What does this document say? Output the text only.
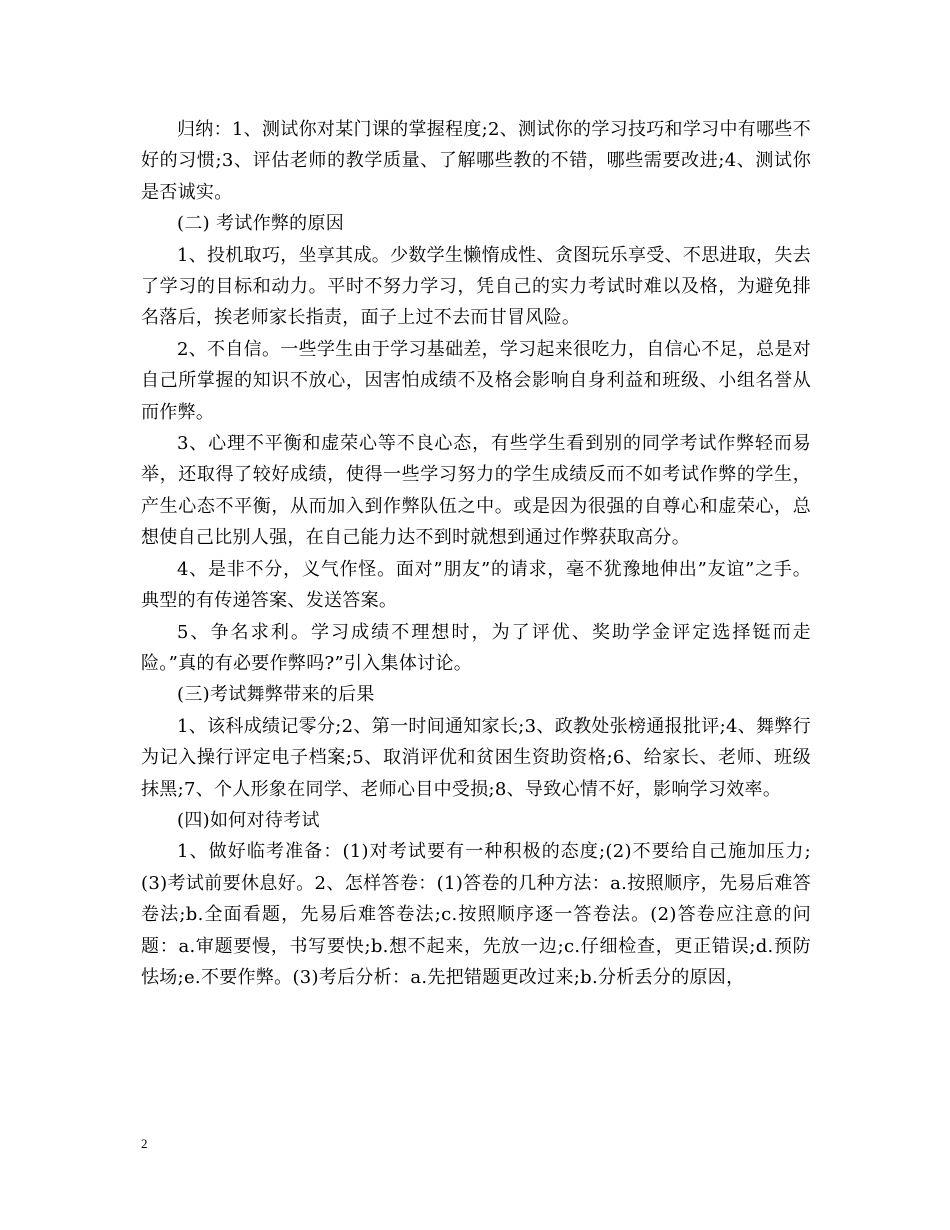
归纳：1、测试你对某门课的掌握程度;2、测试你的学习技巧和学习中有哪些不好的习惯;3、评估老师的教学质量、了解哪些教的不错，哪些需要改进;4、测试你是否诚实。

(二) 考试作弊的原因

1、投机取巧，坐享其成。少数学生懒惰成性、贪图玩乐享受、不思进取，失去了学习的目标和动力。平时不努力学习，凭自己的实力考试时难以及格，为避免排名落后，挨老师家长指责，面子上过不去而甘冒风险。

2、不自信。一些学生由于学习基础差，学习起来很吃力，自信心不足，总是对自己所掌握的知识不放心，因害怕成绩不及格会影响自身利益和班级、小组名誉从而作弊。

3、心理不平衡和虚荣心等不良心态，有些学生看到别的同学考试作弊轻而易举，还取得了较好成绩，使得一些学习努力的学生成绩反而不如考试作弊的学生，产生心态不平衡，从而加入到作弊队伍之中。或是因为很强的自尊心和虚荣心，总想使自己比别人强，在自己能力达不到时就想到通过作弊获取高分。

4、是非不分，义气作怪。面对”朋友”的请求，毫不犹豫地伸出”友谊”之手。典型的有传递答案、发送答案。

5、争名求利。学习成绩不理想时，为了评优、奖助学金评定选择铤而走险。”真的有必要作弊吗?”引入集体讨论。

(三)考试舞弊带来的后果

1、该科成绩记零分;2、第一时间通知家长;3、政教处张榜通报批评;4、舞弊行为记入操行评定电子档案;5、取消评优和贫困生资助资格;6、给家长、老师、班级抹黑;7、个人形象在同学、老师心目中受损;8、导致心情不好，影响学习效率。

(四)如何对待考试

1、做好临考准备：(1)对考试要有一种积极的态度;(2)不要给自己施加压力;(3)考试前要休息好。2、怎样答卷：(1)答卷的几种方法：a.按照顺序，先易后难答卷法;b.全面看题，先易后难答卷法;c.按照顺序逐一答卷法。(2)答卷应注意的问题：a.审题要慢，书写要快;b.想不起来，先放一边;c.仔细检查，更正错误;d.预防怯场;e.不要作弊。(3)考后分析：a.先把错题更改过来;b.分析丢分的原因，

2
